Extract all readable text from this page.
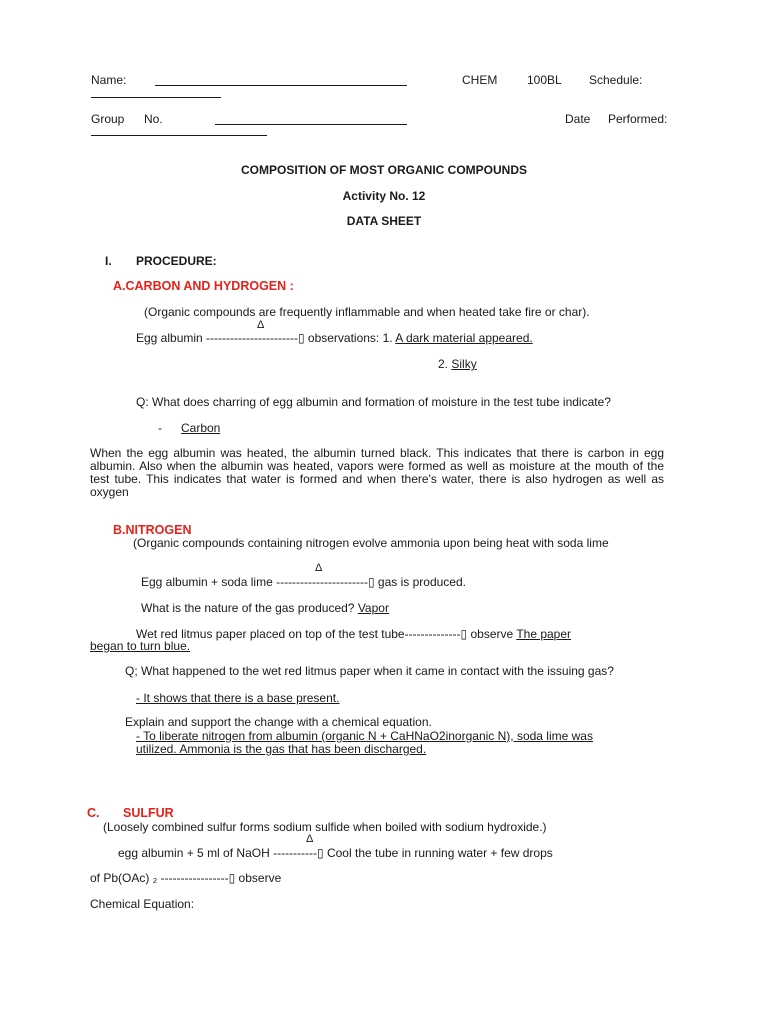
Name:	CHEM 100BL Schedule:
Group No.	Date Performed:
COMPOSITION OF MOST ORGANIC COMPOUNDS
Activity No. 12
DATA SHEET
I. PROCEDURE:
A.CARBON AND HYDROGEN :
(Organic compounds are frequently inflammable and when heated take fire or char).
Δ
Egg albumin -----------------------▯ observations: 1. A dark material appeared.
2. Silky
Q: What does charring of egg albumin and formation of moisture in the test tube indicate?
- Carbon
When the egg albumin was heated, the albumin turned black. This indicates that there is carbon in egg albumin. Also when the albumin was heated, vapors were formed as well as moisture at the mouth of the test tube. This indicates that water is formed and when there's water, there is also hydrogen as well as oxygen
B.NITROGEN
(Organic compounds containing nitrogen evolve ammonia upon being heat with soda lime
Δ
Egg albumin + soda lime -----------------------▯ gas is produced.
What is the nature of the gas produced? Vapor
Wet red litmus paper placed on top of the test tube--------------▯ observe The paper
began to turn blue.
Q; What happened to the wet red litmus paper when it came in contact with the issuing gas?
- It shows that there is a base present.
Explain and support the change with a chemical equation.
- To liberate nitrogen from albumin (organic N + CaHNaO2inorganic N), soda lime was
utilized. Ammonia is the gas that has been discharged.
C. SULFUR
(Loosely combined sulfur forms sodium sulfide when boiled with sodium hydroxide.)
Δ
egg albumin + 5 ml of NaOH -----------▯ Cool the tube in running water + few drops
of Pb(OAc) ₂ -----------------▯ observe
Chemical Equation:
